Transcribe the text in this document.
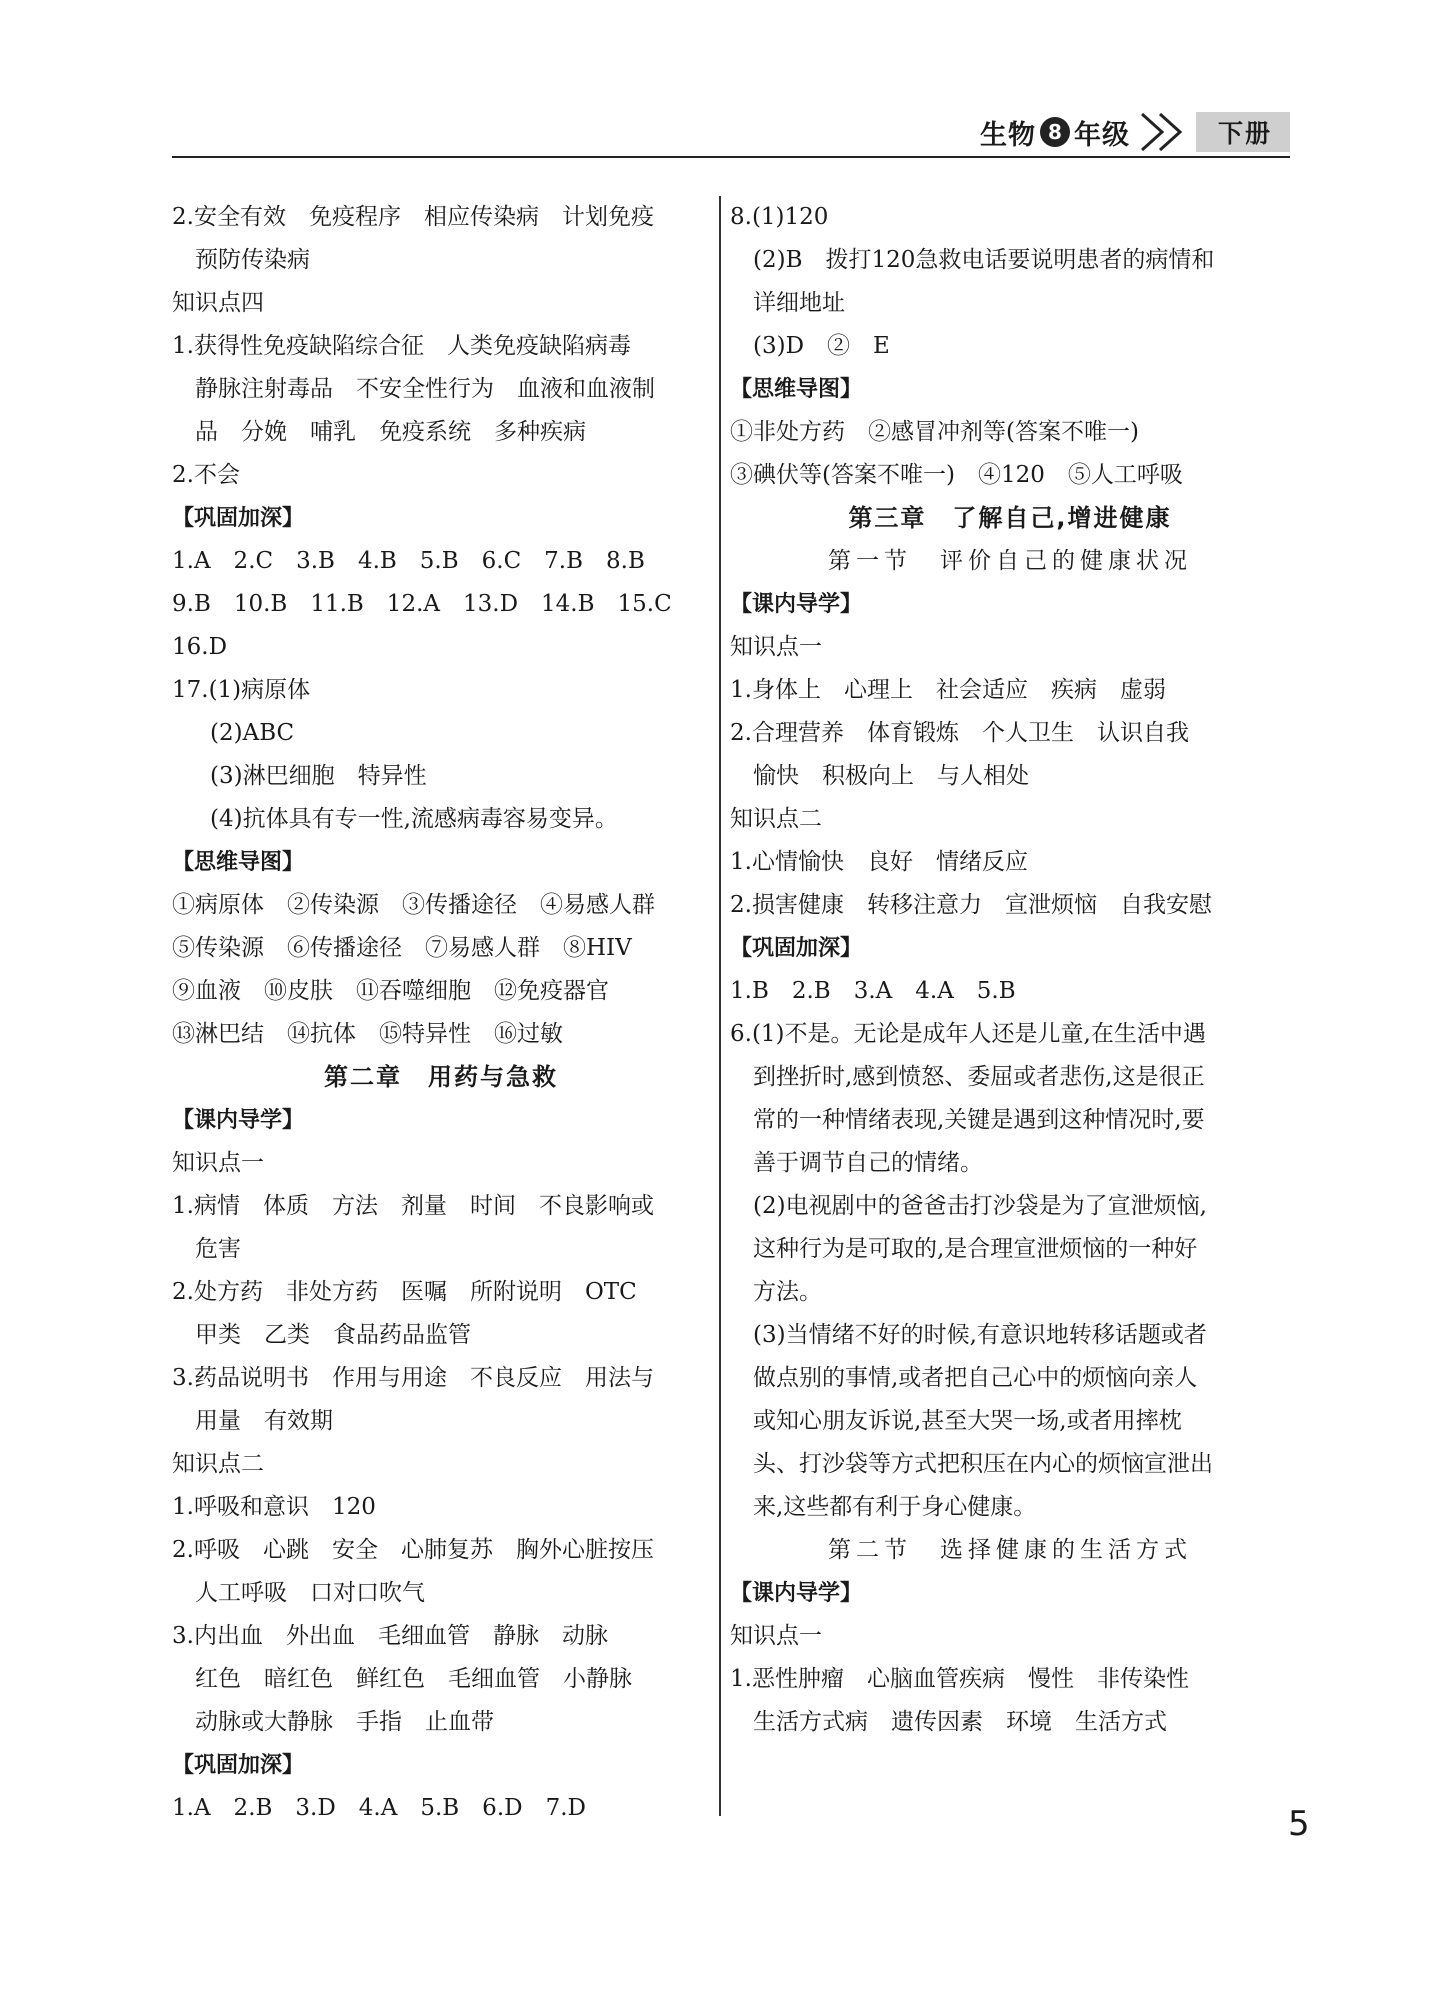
生物 8 年级	下册
2.安全有效　免疫程序　相应传染病　计划免疫
预防传染病
知识点四
1.获得性免疫缺陷综合征　人类免疫缺陷病毒
静脉注射毒品　不安全性行为　血液和血液制
品　分娩　哺乳　免疫系统　多种疾病
2.不会
【巩固加深】
1.A　2.C　3.B　4.B　5.B　6.C　7.B　8.B
9.B　10.B　11.B　12.A　13.D　14.B　15.C
16.D
17.(1)病原体
(2)ABC
(3)淋巴细胞　特异性
(4)抗体具有专一性,流感病毒容易变异。
【思维导图】
①病原体　②传染源　③传播途径　④易感人群
⑤传染源　⑥传播途径　⑦易感人群　⑧HIV
⑨血液　⑩皮肤　⑪吞噬细胞　⑫免疫器官
⑬淋巴结　⑭抗体　⑮特异性　⑯过敏
第二章　用药与急救
【课内导学】
知识点一
1.病情　体质　方法　剂量　时间　不良影响或
危害
2.处方药　非处方药　医嘱　所附说明　OTC
甲类　乙类　食品药品监管
3.药品说明书　作用与用途　不良反应　用法与
用量　有效期
知识点二
1.呼吸和意识　120
2.呼吸　心跳　安全　心肺复苏　胸外心脏按压
人工呼吸　口对口吹气
3.内出血　外出血　毛细血管　静脉　动脉
红色　暗红色　鲜红色　毛细血管　小静脉
动脉或大静脉　手指　止血带
【巩固加深】
1.A　2.B　3.D　4.A　5.B　6.D　7.D
8.(1)120
(2)B　拨打120急救电话要说明患者的病情和
详细地址
(3)D　②　E
【思维导图】
①非处方药　②感冒冲剂等(答案不唯一)
③碘伏等(答案不唯一)　④120　⑤人工呼吸
第三章　了解自己,增进健康
第一节　评价自己的健康状况
【课内导学】
知识点一
1.身体上　心理上　社会适应　疾病　虚弱
2.合理营养　体育锻炼　个人卫生　认识自我
愉快　积极向上　与人相处
知识点二
1.心情愉快　良好　情绪反应
2.损害健康　转移注意力　宣泄烦恼　自我安慰
【巩固加深】
1.B　2.B　3.A　4.A　5.B
6.(1)不是。无论是成年人还是儿童,在生活中遇
到挫折时,感到愤怒、委屈或者悲伤,这是很正
常的一种情绪表现,关键是遇到这种情况时,要
善于调节自己的情绪。
(2)电视剧中的爸爸击打沙袋是为了宣泄烦恼,
这种行为是可取的,是合理宣泄烦恼的一种好
方法。
(3)当情绪不好的时候,有意识地转移话题或者
做点别的事情,或者把自己心中的烦恼向亲人
或知心朋友诉说,甚至大哭一场,或者用摔枕
头、打沙袋等方式把积压在内心的烦恼宣泄出
来,这些都有利于身心健康。
第二节　选择健康的生活方式
【课内导学】
知识点一
1.恶性肿瘤　心脑血管疾病　慢性　非传染性
生活方式病　遗传因素　环境　生活方式
5
